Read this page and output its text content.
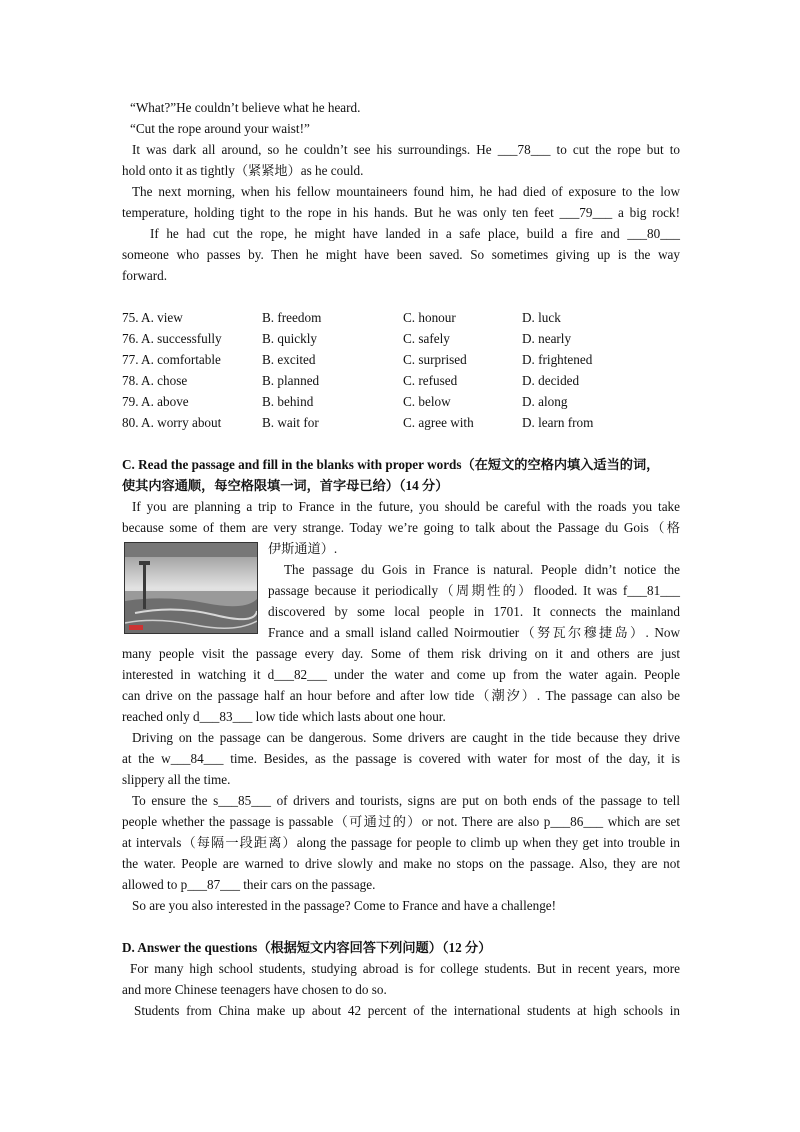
“What?”He couldn’t believe what he heard.
“Cut the rope around your waist!”
It was dark all around, so he couldn’t see his surroundings. He ___78___ to cut the rope but to
hold onto it as tightly（紧紧地）as he could.
The next morning, when his fellow mountaineers found him, he had died of exposure to the low
temperature, holding tight to the rope in his hands. But he was only ten feet ___79___ a big rock!
If he had cut the rope, he might have landed in a safe place, build a fire and ___80___
someone who passes by. Then he might have been saved. So sometimes giving up is the way
forward.
75. A. view	B. freedom	C. honour	D. luck
76. A. successfully	B. quickly	C. safely	D. nearly
77. A. comfortable	B. excited	C. surprised	D. frightened
78. A. chose	B. planned	C. refused	D. decided
79. A. above	B. behind	C. below	D. along
80. A. worry about	B. wait for	C. agree with	D. learn from
C. Read the passage and fill in the blanks with proper words（在短文的空格内填入适当的词，
使其内容通顺，每空格限填一词，首字母已给）（14 分）
If you are planning a trip to France in the future, you should be careful with the roads you take
because some of them are very strange. Today we’re going to talk about the Passage du Gois（格
伊斯通道）.
The passage du Gois in France is natural. People didn’t notice the
passage because it periodically（周期性的）flooded. It was f___81___
discovered by some local people in 1701. It connects the mainland
France and a small island called Noirmoutier（努瓦尔穆捷岛）. Now
many people visit the passage every day. Some of them risk driving on it and others are just
interested in watching it d___82___ under the water and come up from the water again. People
can drive on the passage half an hour before and after low tide（潮汐）. The passage can also be
reached only d___83___ low tide which lasts about one hour.
Driving on the passage can be dangerous. Some drivers are caught in the tide because they drive
at the w___84___ time. Besides, as the passage is covered with water for most of the day, it is
slippery all the time.
To ensure the s___85___ of drivers and tourists, signs are put on both ends of the passage to tell
people whether the passage is passable（可通过的）or not. There are also p___86___ which are set
at intervals（每隔一段距离）along the passage for people to climb up when they get into trouble in
the water. People are warned to drive slowly and make no stops on the passage. Also, they are not
allowed to p___87___ their cars on the passage.
So are you also interested in the passage? Come to France and have a challenge!
D. Answer the questions（根据短文内容回答下列问题）（12 分）
For many high school students, studying abroad is for college students. But in recent years, more
and more Chinese teenagers have chosen to do so.
Students from China make up about 42 percent of the international students at high schools in
